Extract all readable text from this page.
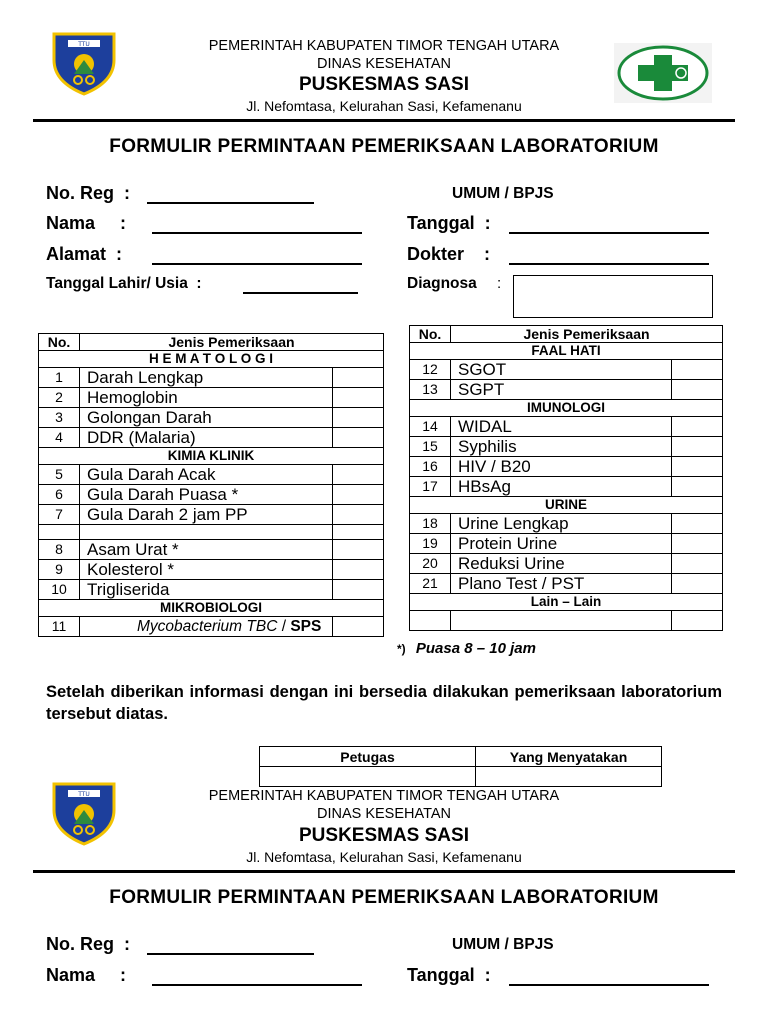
TTU	PEMERINTAH KABUPATEN TIMOR TENGAH UTARA
DINAS KESEHATAN
PUSKESMAS SASI
Jl. Nefomtasa, Kelurahan Sasi, Kefamenanu
FORMULIR PERMINTAAN PEMERIKSAAN LABORATORIUM
No. Reg  :
Nama     :
Alamat  :
Tanggal Lahir/ Usia  :
UMUM / BPJS
Tanggal  :
Dokter    :
Diagnosa :
No.	Jenis Pemeriksaan	
H E M A T O L O G I		
1	Darah Lengkap	
2	Hemoglobin	
3	Golongan Darah	
4	DDR (Malaria)	
KIMIA KLINIK		
5	Gula Darah Acak	
6	Gula Darah Puasa *	
7	Gula Darah 2 jam PP	

8	Asam Urat *	
9	Kolesterol *	
10	Trigliserida	
MIKROBIOLOGI		
11	Mycobacterium TBC / SPS	
No.	Jenis Pemeriksaan	
FAAL HATI		
12	SGOT	
13	SGPT	
IMUNOLOGI		
14	WIDAL	
15	Syphilis	
16	HIV / B20	
17	HBsAg	
URINE		
18	Urine Lengkap	
19	Protein Urine	
20	Reduksi Urine	
21	Plano Test / PST	
Lain – Lain		

*) Puasa 8 – 10 jam
Setelah diberikan informasi dengan ini bersedia dilakukan pemeriksaan laboratorium tersebut diatas.
Petugas	Yang Menyatakan

TTU	PEMERINTAH KABUPATEN TIMOR TENGAH UTARA
DINAS KESEHATAN
PUSKESMAS SASI
Jl. Nefomtasa, Kelurahan Sasi, Kefamenanu
FORMULIR PERMINTAAN PEMERIKSAAN LABORATORIUM
No. Reg  :	UMUM / BPJS
Nama     :	Tanggal  :
